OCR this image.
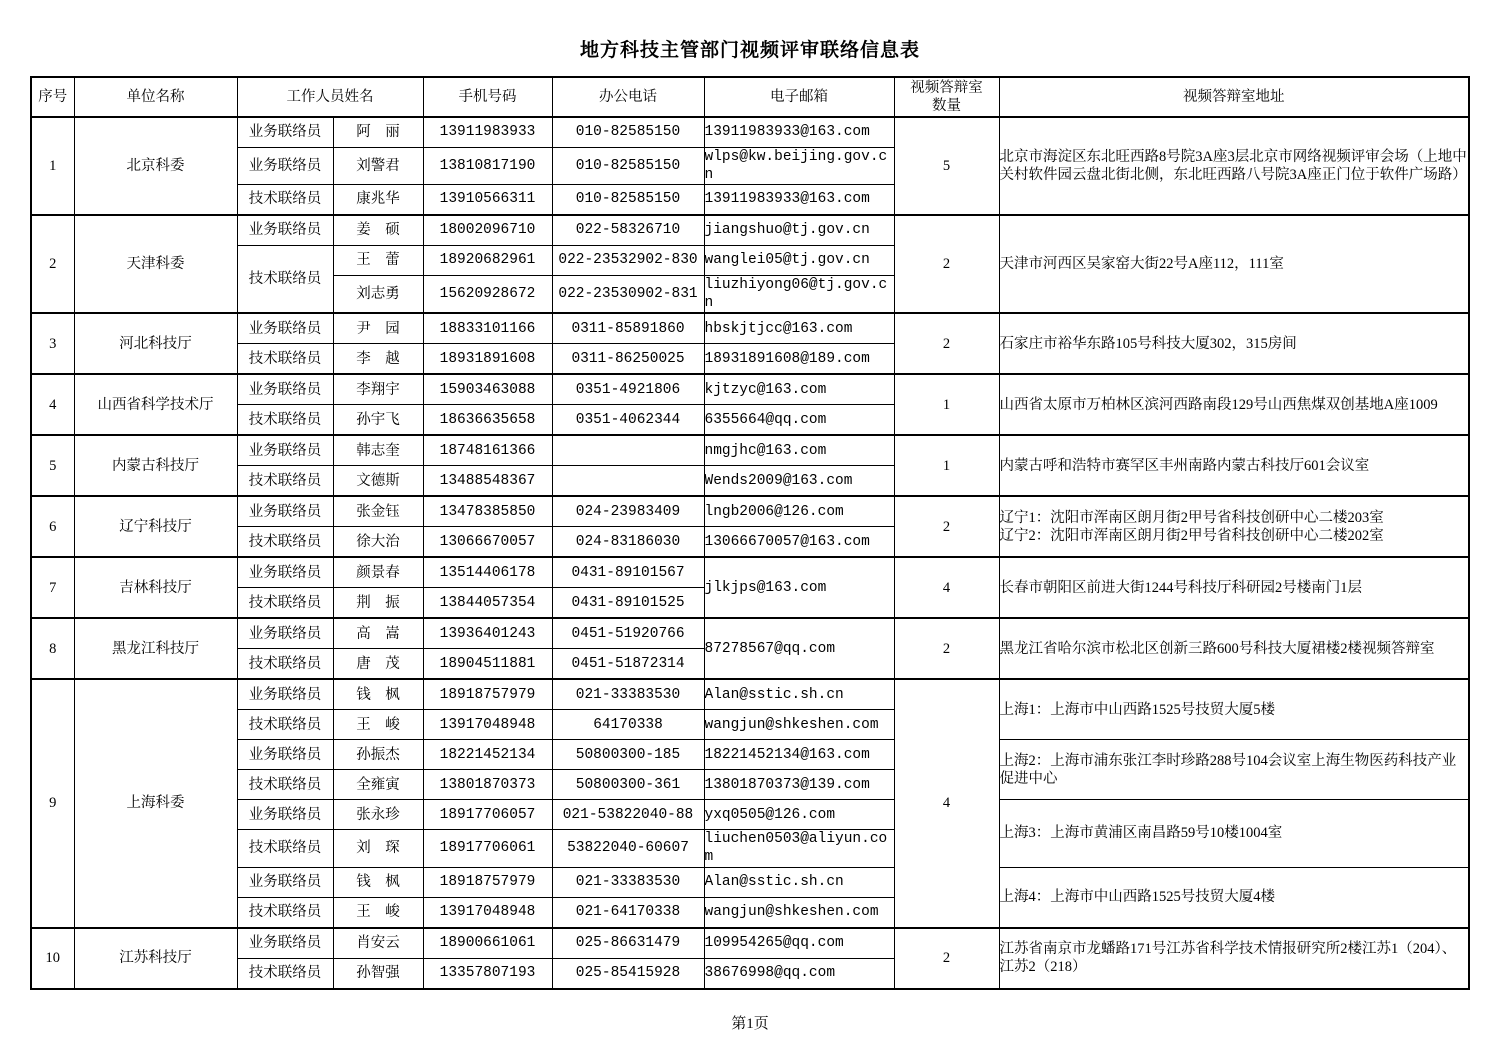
地方科技主管部门视频评审联络信息表
序号	单位名称	工作人员姓名		手机号码	办公电话	电子邮箱	视频答辩室
数量	视频答辩室地址
1	北京科委	业务联络员	阿　丽	13911983933	010-82585150	13911983933@163.com	5	北京市海淀区东北旺西路8号院3A座3层北京市网络视频评审会场（上地中关村软件园云盘北街北侧，东北旺西路八号院3A座正门位于软件广场路）

		业务联络员	刘警君	13810817190	010-82585150	wlps@kw.beijing.gov.cn		
		技术联络员	康兆华	13910566311	010-82585150	13911983933@163.com		
2	天津科委	业务联络员	姜　硕	18002096710	022-58326710	jiangshuo@tj.gov.cn	2	天津市河西区吴家窑大街22号A座112，111室

		技术联络员	王　蕾	18920682961	022-23532902-830	wanglei05@tj.gov.cn		
			刘志勇	15620928672	022-23530902-831	liuzhiyong06@tj.gov.cn		
3	河北科技厅	业务联络员	尹　园	18833101166	0311-85891860	hbskjtjcc@163.com	2	石家庄市裕华东路105号科技大厦302，315房间

		技术联络员	李　越	18931891608	0311-86250025	18931891608@189.com		
4	山西省科学技术厅	业务联络员	李翔宇	15903463088	0351-4921806	kjtzyc@163.com	1	山西省太原市万柏林区滨河西路南段129号山西焦煤双创基地A座1009

		技术联络员	孙宇飞	18636635658	0351-4062344	6355664@qq.com		
5	内蒙古科技厅	业务联络员	韩志奎	18748161366		nmgjhc@163.com	1	内蒙古呼和浩特市赛罕区丰州南路内蒙古科技厅601会议室

		技术联络员	文德斯	13488548367		Wends2009@163.com		
6	辽宁科技厅	业务联络员	张金钰	13478385850	024-23983409	lngb2006@126.com	2	辽宁1：沈阳市浑南区朗月街2甲号省科技创研中心二楼203室
辽宁2：沈阳市浑南区朗月街2甲号省科技创研中心二楼202室

		技术联络员	徐大治	13066670057	024-83186030	13066670057@163.com		
7	吉林科技厅	业务联络员	颜景春	13514406178	0431-89101567	jlkjps@163.com	4	长春市朝阳区前进大街1244号科技厅科研园2号楼南门1层

		技术联络员	荆　振	13844057354	0431-89101525			
8	黑龙江科技厅	业务联络员	高　嵩	13936401243	0451-51920766	87278567@qq.com	2	黑龙江省哈尔滨市松北区创新三路600号科技大厦裙楼2楼视频答辩室

		技术联络员	唐　茂	18904511881	0451-51872314			
9	上海科委	业务联络员	钱　枫	18918757979	021-33383530	Alan@sstic.sh.cn	4	上海1：上海市中山西路1525号技贸大厦5楼
		技术联络员	王　峻	13917048948	64170338	wangjun@shkeshen.com		
		业务联络员	孙振杰	18221452134	50800300-185	18221452134@163.com		上海2：上海市浦东张江李时珍路288号104会议室上海生物医药科技产业促进中心
		技术联络员	全雍寅	13801870373	50800300-361	13801870373@139.com		
		业务联络员	张永珍	18917706057	021-53822040-88	yxq0505@126.com		上海3：上海市黄浦区南昌路59号10楼1004室
		技术联络员	刘　琛	18917706061	53822040-60607	liuchen0503@aliyun.com		
		业务联络员	钱　枫	18918757979	021-33383530	Alan@sstic.sh.cn		上海4：上海市中山西路1525号技贸大厦4楼
		技术联络员	王　峻	13917048948	021-64170338	wangjun@shkeshen.com		
10	江苏科技厅	业务联络员	肖安云	18900661061	025-86631479	109954265@qq.com	2	江苏省南京市龙蟠路171号江苏省科学技术情报研究所2楼江苏1（204）、江苏2（218）

		技术联络员	孙智强	13357807193	025-85415928	38676998@qq.com		
第1页
